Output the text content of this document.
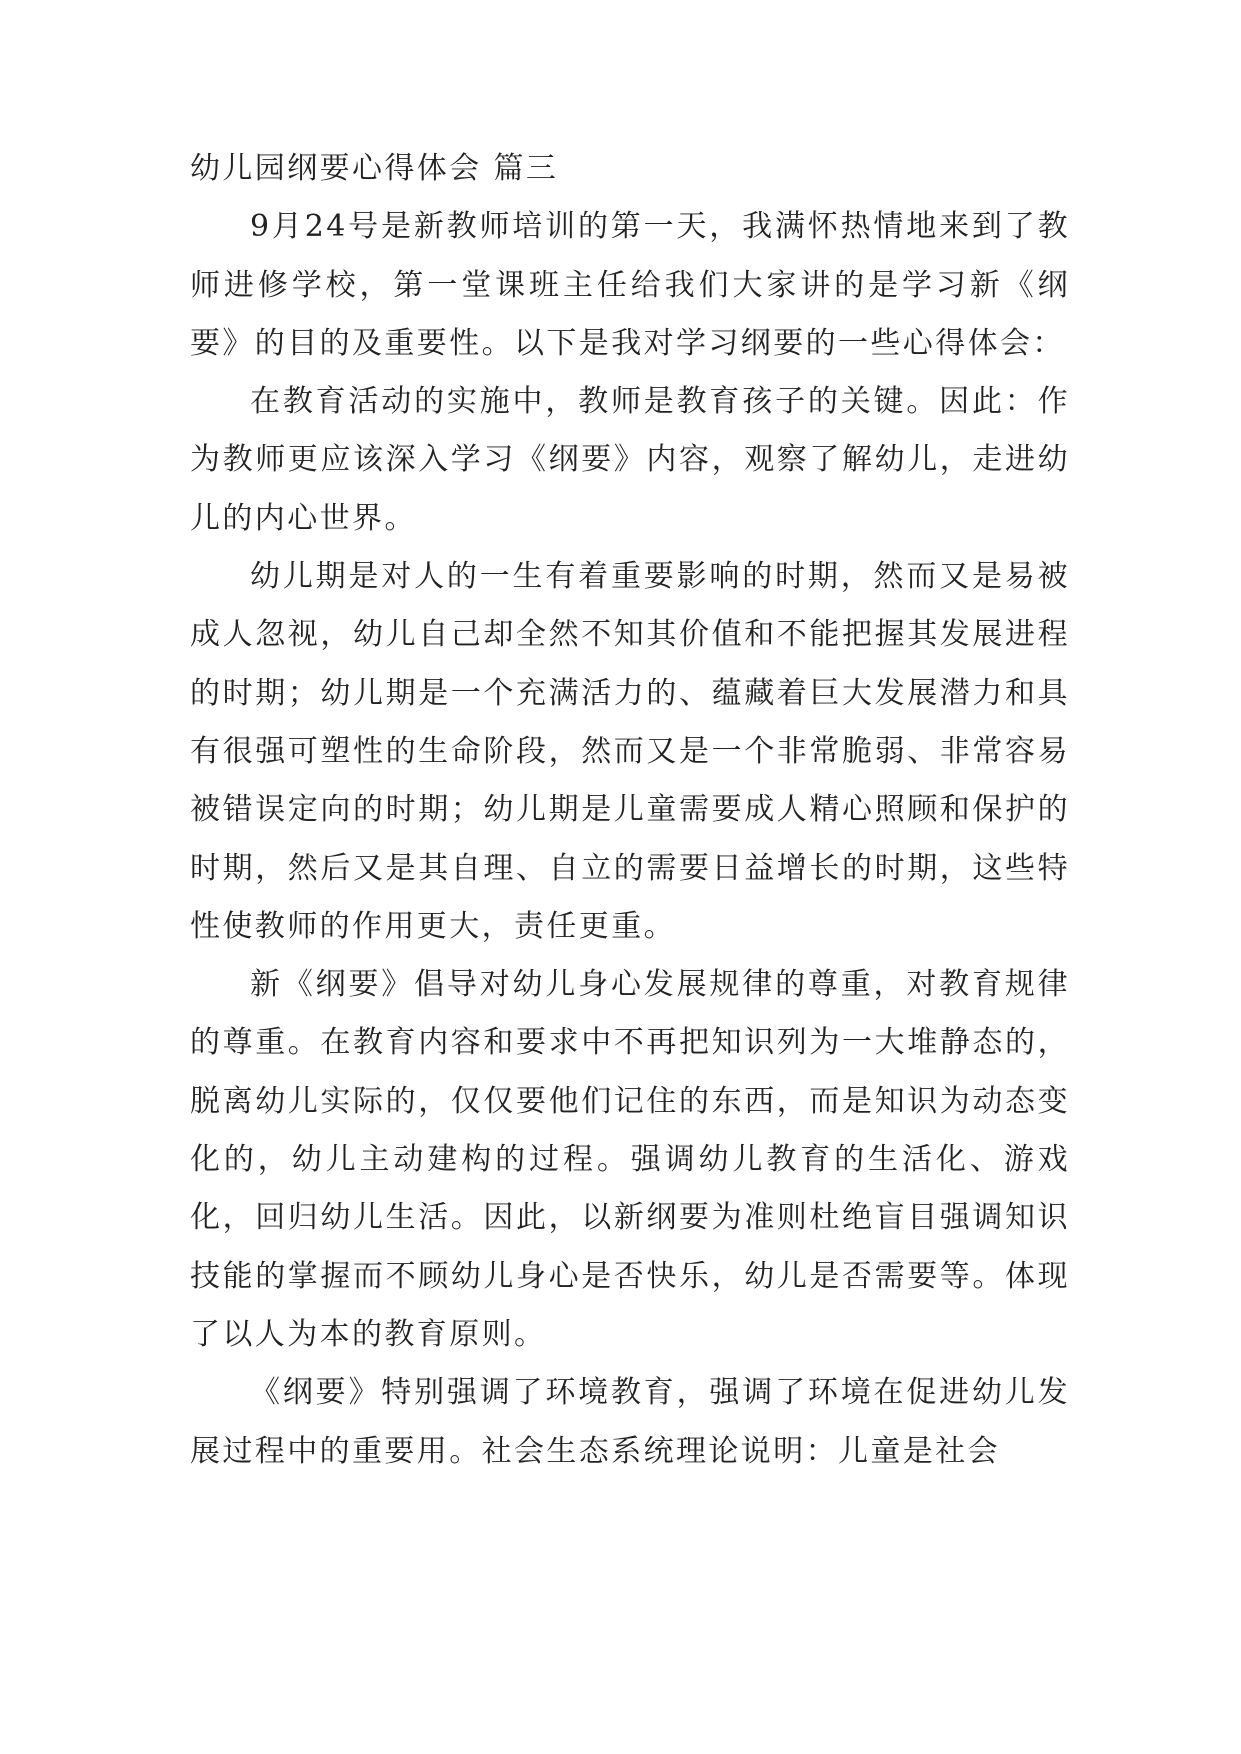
幼儿园纲要心得体会 篇三

9月24号是新教师培训的第一天，我满怀热情地来到了教师进修学校，第一堂课班主任给我们大家讲的是学习新《纲要》的目的及重要性。以下是我对学习纲要的一些心得体会：

在教育活动的实施中，教师是教育孩子的关键。因此：作为教师更应该深入学习《纲要》内容，观察了解幼儿，走进幼儿的内心世界。

幼儿期是对人的一生有着重要影响的时期，然而又是易被成人忽视，幼儿自己却全然不知其价值和不能把握其发展进程的时期；幼儿期是一个充满活力的、蕴藏着巨大发展潜力和具有很强可塑性的生命阶段，然而又是一个非常脆弱、非常容易被错误定向的时期；幼儿期是儿童需要成人精心照顾和保护的时期，然后又是其自理、自立的需要日益增长的时期，这些特性使教师的作用更大，责任更重。

新《纲要》倡导对幼儿身心发展规律的尊重，对教育规律的尊重。在教育内容和要求中不再把知识列为一大堆静态的，脱离幼儿实际的，仅仅要他们记住的东西，而是知识为动态变化的，幼儿主动建构的过程。强调幼儿教育的生活化、游戏化，回归幼儿生活。因此，以新纲要为准则杜绝盲目强调知识技能的掌握而不顾幼儿身心是否快乐，幼儿是否需要等。体现了以人为本的教育原则。

《纲要》特别强调了环境教育，强调了环境在促进幼儿发展过程中的重要用。社会生态系统理论说明：儿童是社会
